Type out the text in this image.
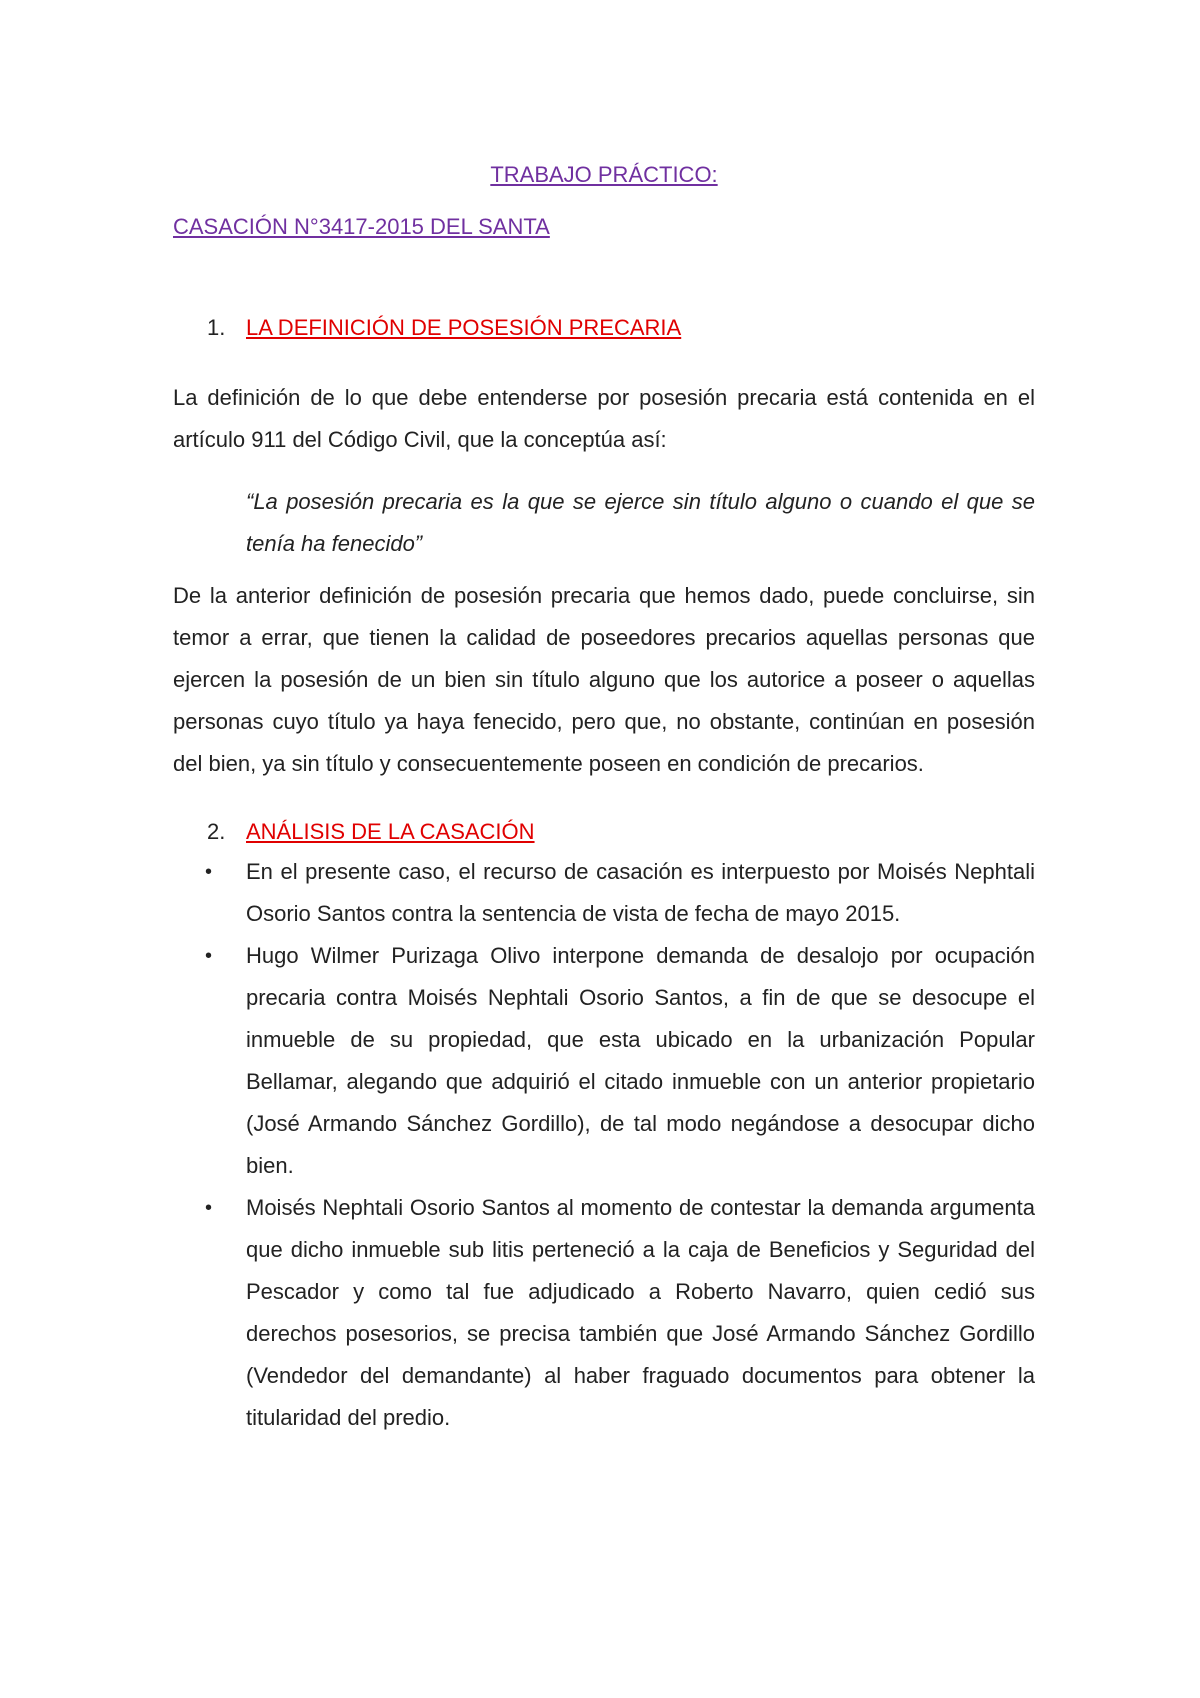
TRABAJO PRÁCTICO:
CASACIÓN N°3417-2015 DEL SANTA
1. LA DEFINICIÓN DE POSESIÓN PRECARIA

La definición de lo que debe entenderse por posesión precaria está contenida en el artículo 911 del Código Civil, que la conceptúa así:

“La posesión precaria es la que se ejerce sin título alguno o cuando el que se tenía ha fenecido”

De la anterior definición de posesión precaria que hemos dado, puede concluirse, sin temor a errar, que tienen la calidad de poseedores precarios aquellas personas que ejercen la posesión de un bien sin título alguno que los autorice a poseer o aquellas personas cuyo título ya haya fenecido, pero que, no obstante, continúan en posesión del bien, ya sin título y consecuentemente poseen en condición de precarios.

2. ANÁLISIS DE LA CASACIÓN
•	En el presente caso, el recurso de casación es interpuesto por Moisés Nephtali Osorio Santos contra la sentencia de vista de fecha de mayo 2015.
•	Hugo Wilmer Purizaga Olivo interpone demanda de desalojo por ocupación precaria contra Moisés Nephtali Osorio Santos, a fin de que se desocupe el inmueble de su propiedad, que esta ubicado en la urbanización Popular Bellamar, alegando que adquirió el citado inmueble con un anterior propietario (José Armando Sánchez Gordillo), de tal modo negándose a desocupar dicho bien.
•	Moisés Nephtali Osorio Santos al momento de contestar la demanda argumenta que dicho inmueble sub litis perteneció a la caja de Beneficios y Seguridad del Pescador y como tal fue adjudicado a Roberto Navarro, quien cedió sus derechos posesorios, se precisa también que José Armando Sánchez Gordillo (Vendedor del demandante) al haber fraguado documentos para obtener la titularidad del predio.
